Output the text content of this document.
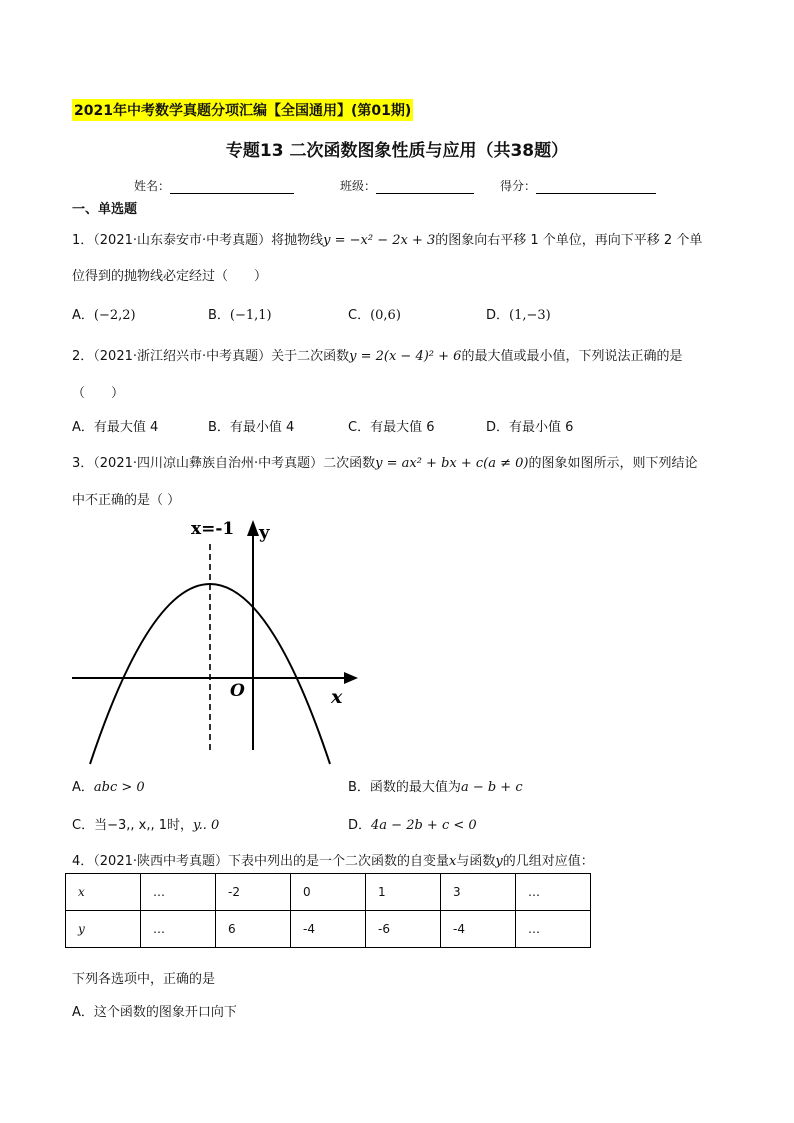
2021年中考数学真题分项汇编【全国通用】(第01期)
专题13 二次函数图象性质与应用（共38题）
姓名：	班级：	得分：
一、单选题
1．（2021·山东泰安市·中考真题）将抛物线y = −x² − 2x + 3的图象向右平移 1 个单位，再向下平移 2 个单
位得到的抛物线必定经过（　　）
A．(−2,2)	B．(−1,1)	C．(0,6)	D．(1,−3)
2．（2021·浙江绍兴市·中考真题）关于二次函数y = 2(x − 4)² + 6的最大值或最小值，下列说法正确的是
（　　）
A．有最大值 4	B．有最小值 4	C．有最大值 6	D．有最小值 6
3．（2021·四川凉山彝族自治州·中考真题）二次函数y = ax² + bx + c(a ≠ 0)的图象如图所示，则下列结论
中不正确的是（ ）
x=-1 y
x
O
A．abc > 0	B．函数的最大值为a − b + c
C．当−3,, x,, 1时，y.. 0	D．4a − 2b + c < 0
4．（2021·陕西中考真题）下表中列出的是一个二次函数的自变量x与函数y的几组对应值：
x	…	-2	0	1	3	…
y	…	6	-4	-6	-4	…
下列各选项中，正确的是
A．这个函数的图象开口向下
